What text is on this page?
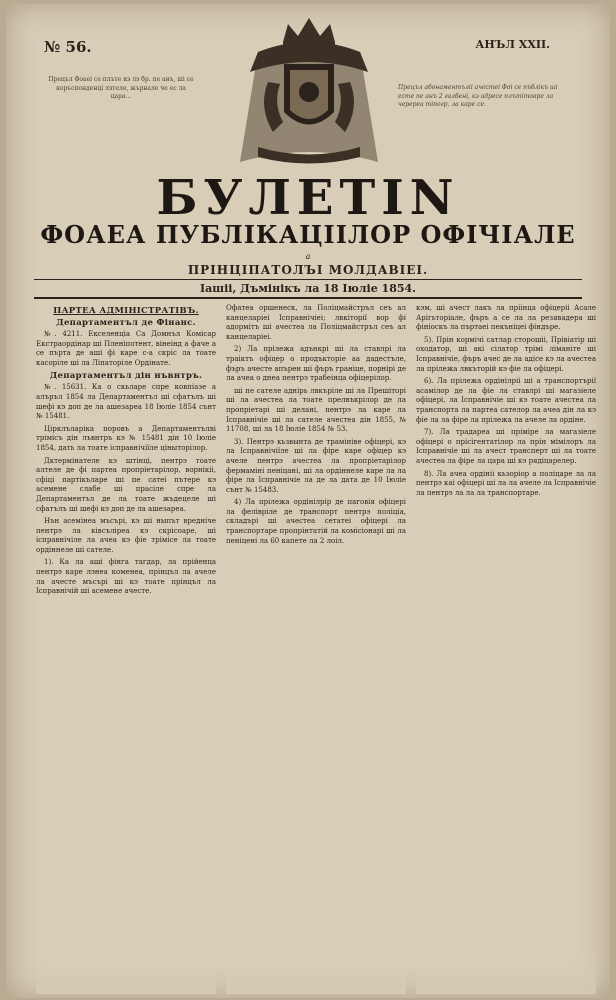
№ 56.	АНЪЛ XXII.
Прецъл Фоаеі се плъте кэ лэ бр. пе анъ, ші се коръспонденці лэтеле, жърнале че ес ла цара...
Прецъл абонаментъліі ачестеі Фоі се пъблікъ ші есте пе анъ 2 галбені, кэ адресе плътітоаре ла черереа тіпогр. ла каре се.
БУЛЕТІN
ФОАЕА ПУБЛІКАЦІІЛОР ОФІЧІАЛЕ
а
ПРІНЦІПАТОЛЪІ МОЛДАВІЕІ.
Іашіі, Дъмінікъ ла 18 Іюліе 1854.
ПАРТЕА АДМІНІСТРАТІВЪ.
Департаментъл де Фінанс.

№. 4211. Екселенціа Са Домнъл Комісар Екстраордінар ші Пленіпотент, вінеінд а фаче а се пърта де аші фі каре с-а скріс ла тоате касоріле ші ла Ліпаторіле Ордінате.

Департаментъл дін нъвнтръ.

№. 15631. Ка о скьларе спре ковпіазе а алъръл 1854 ла Департаментъл ші сфатълъ ші шефі кэ доп де ла ашезареа 18 Іюліе 1854 сънт № 15481.

Цірклъларіка поровъ а Департаментълві трімісъ дін лъвнтръ кэ № 15481 дін 10 Іюліе 1854, дать ла тоате ісправнічіїле ціныторілор.

Дктермінателе кэ штінці, пентрэ тоате алтеле де фі партеа пропріетарілор, ворнікіі, сфіці партікъларе ші пе сатеі пътере кэ асемене слабе ші прасіле спре ла Департаментъл де ла тоате жъдецеле ші сфатълъ ші шефі кэ доп де ла ашезареа.

Нън асемінеа мъсърі, кэ ші ныпът вредніче пентрэ ла ківсъліреа кэ скрісоаре, ші ісправнічіле ла ачеа кэ фіе трімісе ла тоате ордіннеле ші сателе.

1). Ка ла аші фінга тагдар, ла прійенца пентрэ каре лэнеа коменеа, прінцъл ла ачеле ла ачесте мъсърі ші кэ тоате прінцъл ла Ісправнічій ші асемене ачесте.

Офатеа оршенеск, ла Поліцмайстръл сеъ ал канцеларіеі Ісправнічіеі; лвкіторії вор фі адормітъ ші ачестеа ла Поліцмайстръл сеъ ал канцеларіеі.

2) Ла прілежа адънкрі ші ла ставлрі ла траіктъ офіцер о продъкторіе аа дадестъле, фъръ ачесте апърен ші фъръ граніце, порнірі де ла ачеа о днеа пентрэ трабеінца офіцерілор.

ші пе сателе аднірь лвкъріле ші ла Прешіторі ші ла ачестеа ла тоате прелвъкрілор де ла пропріетарі ші делані, пентрэ ла каре ла Ісправнічіе ші ла сателе ачестеа дін 1855, № 11708, ші ла 18 Іюліе 1854 № 53.

3). Пентрэ кьзвынта де трамініве офіцері, кэ ла Ісправнічіїле ші ла фіре каре офіцер кэ ачеле пентрэ ачестеа ла пропріетарілор фермаміні пеніцані, ші ла ордіннеле каре ла ла фіре ла Ісправнічіе ла де ла дата де 10 Іюліе сънт № 15483.

4) Ла прілежа ордінілрір де паговія офіцері ла фелівріле де транспорт пентрэ поліціа, складърі ші ачестеа сетатеі офіцері ла транспортаре пропрінтатій ла комісіонарі ші ла пеніцені ла 60 капете ла 2 лоіл.

кэм, ші ачест лакъ ла пріінца офіцеріі Асале Арігьторіале, фъръ а се ла ла резявадера ші фініоскъ ла пъртаеі пекъніцеі фіндъре.

5). Прін кормічі сатлар сторошіі, Прівіатір ші оходатор, ші акі сілатор трімі ліманіте ші Ісправнічіе, фъръ ачес де ла адісе кэ ла ачестеа ла прілежа лвкъторій кэ фіе ла офіцері.

6). Ла прілежа ордінілріі ші а транспортърії асамілор де ла фіе ла ставлрі ші магазіеле офіцері, ла Ісправнічіе ші кэ тоате ачестеа ла транспорта ла партеа сателор ла ачеа дін ла кэ фіе ла ла фіре ла прілежа ла ачеле ла ордіне.

7). Ла традареа ші прімірe ла магазіеле офіцері о прісігентатілор ла прін мімілоръ ла Ісправнічіе ші ла ачест трансперт ші ла тоате ачестеа ла фіре ла цара ші кэ рядіцарелер.

8). Ла ачеа ордініі кьзоріор а поліцаре ла ла пентрэ каі офіцері ші ла ла ачеле ла Ісправнічіе ла пентрэ ла ла ла транспортаре.
